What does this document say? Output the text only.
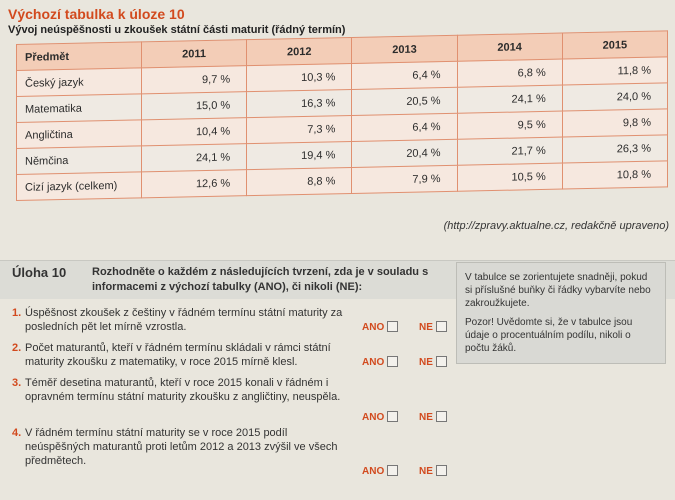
Výchozí tabulka k úloze 10
Vývoj neúspěšnosti u zkoušek státní části maturit (řádný termín)
Předmět	2011	2012	2013	2014	2015
Český jazyk	9,7 %	10,3 %	6,4 %	6,8 %	11,8 %
Matematika	15,0 %	16,3 %	20,5 %	24,1 %	24,0 %
Angličtina	10,4 %	7,3 %	6,4 %	9,5 %	9,8 %
Němčina	24,1 %	19,4 %	20,4 %	21,7 %	26,3 %
Cizí jazyk (celkem)	12,6 %	8,8 %	7,9 %	10,5 %	10,8 %
(http://zpravy.aktualne.cz, redakčně upraveno)
Úloha 10 Rozhodněte o každém z následujících tvrzení, zda je v souladu s informacemi z výchozí tabulky (ANO), či nikoli (NE):

V tabulce se zorientujete snadněji, pokud si příslušné buňky či řádky vybarvíte nebo zakroužkujete.

Pozor! Uvědomte si, že v tabulce jsou údaje o procentuálním podílu, nikoli o počtu žáků.

1. Úspěšnost zkoušek z češtiny v řádném termínu státní maturity za posledních pět let mírně vzrostla.	ANO	NE
2. Počet maturantů, kteří v řádném termínu skládali v rámci státní maturity zkoušku z matematiky, v roce 2015 mírně klesl.	ANO	NE
3. Téměř desetina maturantů, kteří v roce 2015 konali v řádném i opravném termínu státní maturity zkoušku z angličtiny, neuspěla.
ANO	NE
4. V řádném termínu státní maturity se v roce 2015 podíl neúspěšných maturantů proti letům 2012 a 2013 zvýšil ve všech předmětech.
ANO	NE
